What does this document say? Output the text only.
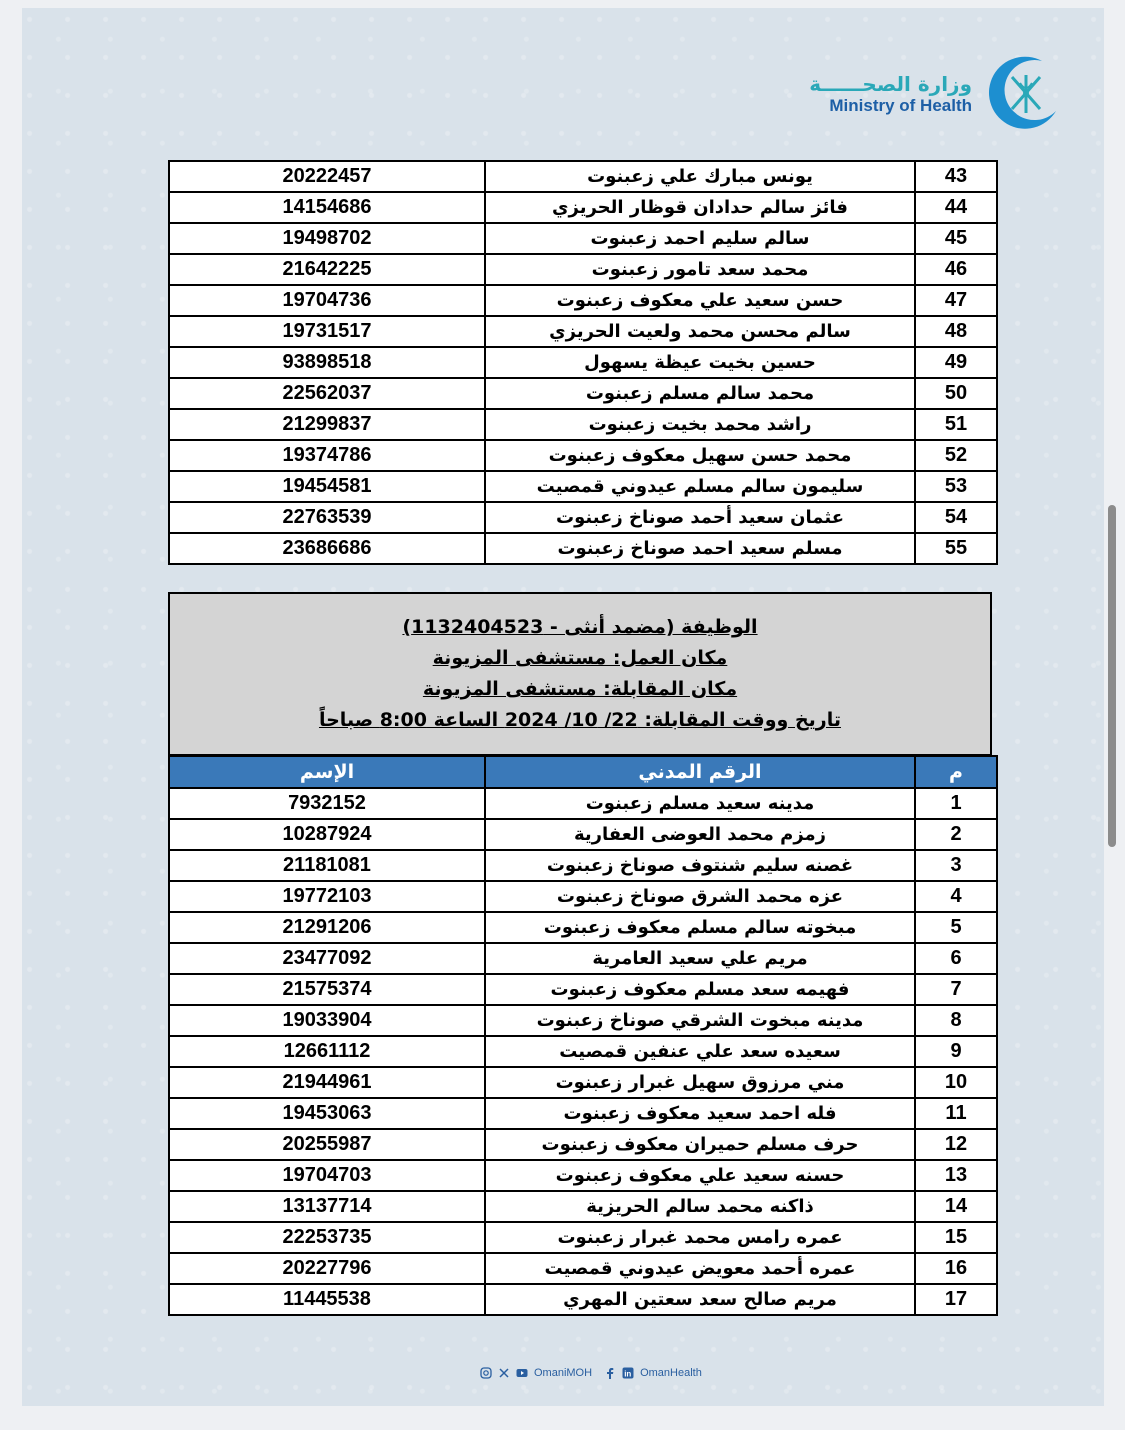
وزارة الصحــــــة
Ministry of Health
20222457	يونس مبارك علي زعبنوت	43
14154686	فائز سالم حدادان قوظار الحريزي	44
19498702	سالم سليم احمد زعبنوت	45
21642225	محمد سعد تامور زعبنوت	46
19704736	حسن سعيد علي معكوف زعبنوت	47
19731517	سالم محسن محمد ولعيت الحريزي	48
93898518	حسين بخيت عيظة يسهول	49
22562037	محمد سالم مسلم زعبنوت	50
21299837	راشد محمد بخيت زعبنوت	51
19374786	محمد حسن سهيل معكوف زعبنوت	52
19454581	سليمون سالم مسلم عيدوني قمصيت	53
22763539	عثمان سعيد أحمد صوناخ زعبنوت	54
23686686	مسلم سعيد احمد صوناخ زعبنوت	55
الوظيفة (مضمد أنثى - 1132404523)
مكان العمل: مستشفى المزيونة
مكان المقابلة: مستشفى المزيونة
تاريخ ووقت المقابلة: 22/ 10/ 2024 الساعة 8:00 صباحاً
الإسم	الرقم المدني	م
7932152	مدينه سعيد مسلم زعبنوت	1
10287924	زمزم محمد العوضى العفارية	2
21181081	غصنه سليم شنتوف صوناخ زعبنوت	3
19772103	عزه محمد الشرق صوناخ زعبنوت	4
21291206	مبخوته سالم مسلم معكوف زعبنوت	5
23477092	مريم علي سعيد العامرية	6
21575374	فهيمه سعد مسلم معكوف زعبنوت	7
19033904	مدينه مبخوت الشرقي صوناخ زعبنوت	8
12661112	سعيده سعد علي عنفين قمصيت	9
21944961	مني مرزوق سهيل غبرار زعبنوت	10
19453063	فله احمد سعيد معكوف زعبنوت	11
20255987	حرف مسلم حميران معكوف زعبنوت	12
19704703	حسنه سعيد علي معكوف زعبنوت	13
13137714	ذاكنه محمد سالم الحريزية	14
22253735	عمره رامس محمد غبرار زعبنوت	15
20227796	عمره أحمد معويض عيدوني قمصيت	16
11445538	مريم صالح سعد سعتين المهري	17
OmaniMOH	in OmanHealth
